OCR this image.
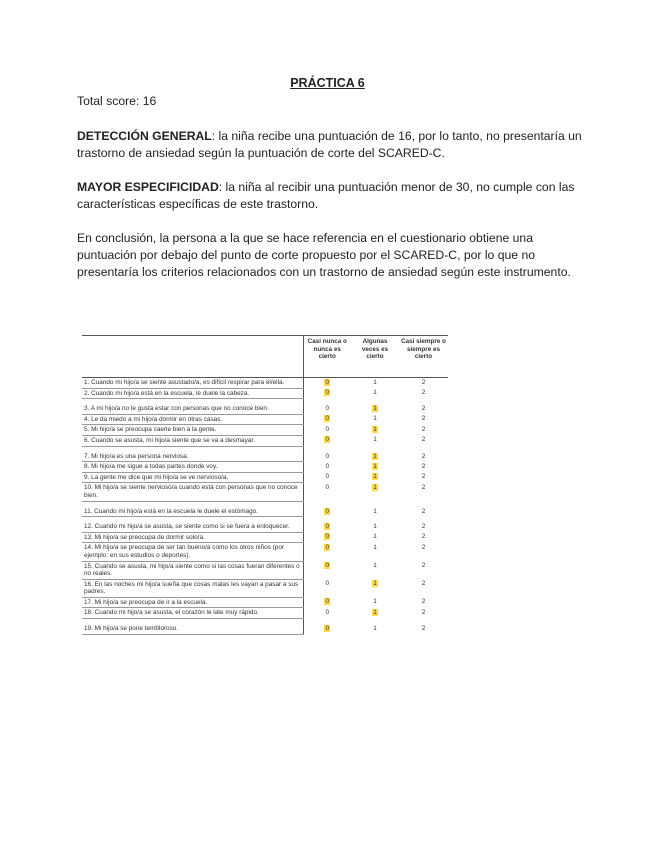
PRÁCTICA 6

Total score: 16

DETECCIÓN GENERAL: la niña recibe una puntuación de 16, por lo tanto, no presentaría un trastorno de ansiedad según la puntuación de corte del SCARED-C.

MAYOR ESPECIFICIDAD: la niña al recibir una puntuación menor de 30, no cumple con las características específicas de este trastorno.

En conclusión, la persona a la que se hace referencia en el cuestionario obtiene una puntuación por debajo del punto de corte propuesto por el SCARED-C, por lo que no presentaría los criterios relacionados con un trastorno de ansiedad según este instrumento.

	Casi nunca o nunca es cierto	Algunas veces es cierto	Casi siempre o siempre es cierto
1. Cuando mi hijo/a se siente asustado/a, es difícil respirar para él/ella.	0	1	2
2. Cuando mi hijo/a está en la escuela, le duele la cabeza.	0	1	2

3. A mi hijo/a no le gusta estar con personas que no conoce bien.	0	1	2
4. Le da miedo a mi hijo/a dormir en otras casas.	0	1	2
5. Mi hijo/a se preocupa caerle bien a la gente.	0	1	2
6. Cuando se asusta, mi hijo/a siente que se va a desmayar.	0	1	2

7. Mi hijo/a es una persona nerviosa.	0	1	2
8. Mi hijo/a me sigue a todas partes donde voy.	0	1	2
9. La gente me dice que mi hijo/a se ve nervioso/a.	0	1	2
10. Mi hijo/a se siente nervioso/a cuando está con personas que no conoce bien.	0	1	2

11. Cuando mi hijo/a está en la escuela le duele el estómago.	0	1	2

12. Cuando mi hijo/a se asusta, se siente como si se fuera a enloquecer.	0	1	2
13. Mi hijo/a se preocupa de dormir solo/a.	0	1	2
14. Mi hijo/a se preocupa de ser tan bueno/a como los otros niños (por ejemplo: en sus estudios o deportes).	0	1	2
15. Cuando se asusta, mi hijo/a siente como si las cosas fueran diferentes o no reales.	0	1	2
16. En las noches mi hijo/a sueña que cosas malas les vayan a pasar a sus padres.	0	1	2
17. Mi hijo/a se preocupa de ir a la escuela.	0	1	2
18. Cuando mi hijo/a se asusta, el corazón le late muy rápido.	0	1	2

19. Mi hijo/a se pone tembloroso.	0	1	2
